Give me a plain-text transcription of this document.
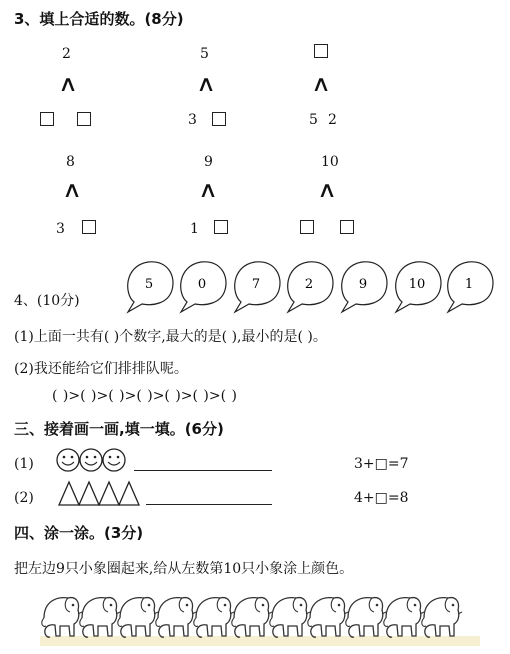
3、填上合适的数。(8分)
2
∧
5
∧
3
∧
5 2
8
∧
3
9
∧
1
10
∧
4、(10分)
5	0	7	2	9	10	1
(1)上面一共有( )个数字,最大的是( ),最小的是( )。
(2)我还能给它们排排队呢。
( )>( )>( )>( )>( )>( )>( )
三、接着画一画,填一填。(6分)
(1)	3+□=7
(2)	4+□=8
四、涂一涂。(3分)
把左边9只小象圈起来,给从左数第10只小象涂上颜色。
